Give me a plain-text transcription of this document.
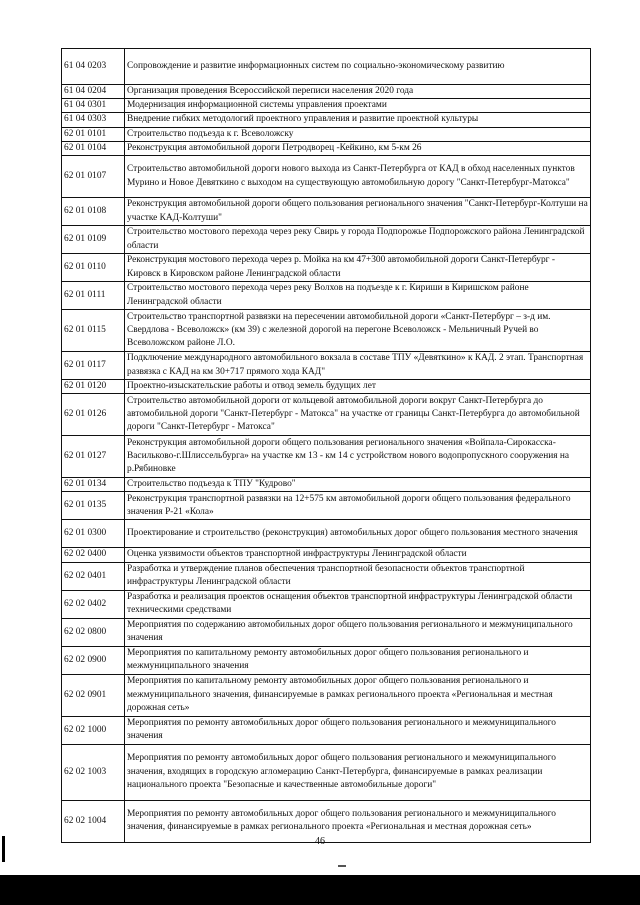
61 04 0203	Сопровождение и развитие информационных систем по социально-экономическому развитию
61 04 0204	Организация проведения Всероссийской переписи населения 2020 года
61 04 0301	Модернизация информационной системы управления проектами
61 04 0303	Внедрение гибких методологий проектного управления и развитие проектной культуры
62 01 0101	Строительство подъезда к г. Всеволожску
62 01 0104	Реконструкция автомобильной дороги Петродворец -Кейкино, км 5-км 26
62 01 0107	Строительство автомобильной дороги нового выхода из Санкт-Петербурга от КАД в обход населенных пунктов Мурино и Новое Девяткино с выходом на существующую автомобильную дорогу "Санкт-Петербург-Матокса"
62 01 0108	Реконструкция автомобильной дороги общего пользования регионального значения "Санкт-Петербург-Колтуши на участке КАД-Колтуши"
62 01 0109	Строительство мостового перехода через реку Свирь у города Подпорожье Подпорожского района Ленинградской области
62 01 0110	Реконструкция мостового перехода через р. Мойка на км 47+300 автомобильной дороги Санкт-Петербург - Кировск в Кировском районе Ленинградской области
62 01 0111	Строительство мостового перехода через реку Волхов на подъезде к г. Кириши в Киришском районе Ленинградской области
62 01 0115	Строительство транспортной развязки на пересечении автомобильной дороги «Санкт-Петербург – з-д им. Свердлова - Всеволожск» (км 39) с железной дорогой на перегоне Всеволожск - Мельничный Ручей во Всеволожском районе Л.О.
62 01 0117	Подключение международного автомобильного вокзала в составе ТПУ «Девяткино» к КАД. 2 этап. Транспортная развязка с КАД на км 30+717 прямого хода КАД"
62 01 0120	Проектно-изыскательские работы и отвод земель будущих лет
62 01 0126	Строительство автомобильной дороги от кольцевой автомобильной дороги вокруг Санкт-Петербурга до автомобильной дороги "Санкт-Петербург - Матокса" на участке от границы Санкт-Петербурга до автомобильной дороги "Санкт-Петербург - Матокса"
62 01 0127	Реконструкция автомобильной дороги общего пользования регионального значения «Войпала-Сирокасска-Васильково-г.Шлиссельбурга» на участке км 13 - км 14 с устройством нового водопропускного сооружения на р.Рябиновке
62 01 0134	Строительство подъезда к ТПУ "Кудрово"
62 01 0135	Реконструкция транспортной развязки на 12+575 км автомобильной дороги общего пользования федерального значения Р-21 «Кола»
62 01 0300	Проектирование и строительство (реконструкция) автомобильных дорог общего пользования местного значения
62 02 0400	Оценка уязвимости объектов транспортной инфраструктуры Ленинградской области
62 02 0401	Разработка и утверждение планов обеспечения транспортной безопасности объектов транспортной инфраструктуры Ленинградской области
62 02 0402	Разработка и реализация проектов оснащения объектов транспортной инфраструктуры Ленинградской области техническими средствами
62 02 0800	Мероприятия по содержанию автомобильных дорог общего пользования регионального и межмуниципального значения
62 02 0900	Мероприятия по капитальному ремонту автомобильных дорог общего пользования регионального и межмуниципального значения
62 02 0901	Мероприятия по капитальному ремонту автомобильных дорог общего пользования регионального и межмуниципального значения, финансируемые в рамках регионального проекта «Региональная и местная дорожная сеть»
62 02 1000	Мероприятия по ремонту автомобильных дорог общего пользования регионального и межмуниципального значения
62 02 1003	Мероприятия по ремонту автомобильных дорог общего пользования регионального и межмуниципального значения, входящих в городскую агломерацию Санкт-Петербурга, финансируемые в рамках реализации национального проекта "Безопасные и качественные автомобильные дороги"
62 02 1004	Мероприятия по ремонту автомобильных дорог общего пользования регионального и межмуниципального значения, финансируемые в рамках регионального проекта «Региональная и местная дорожная сеть»
46
